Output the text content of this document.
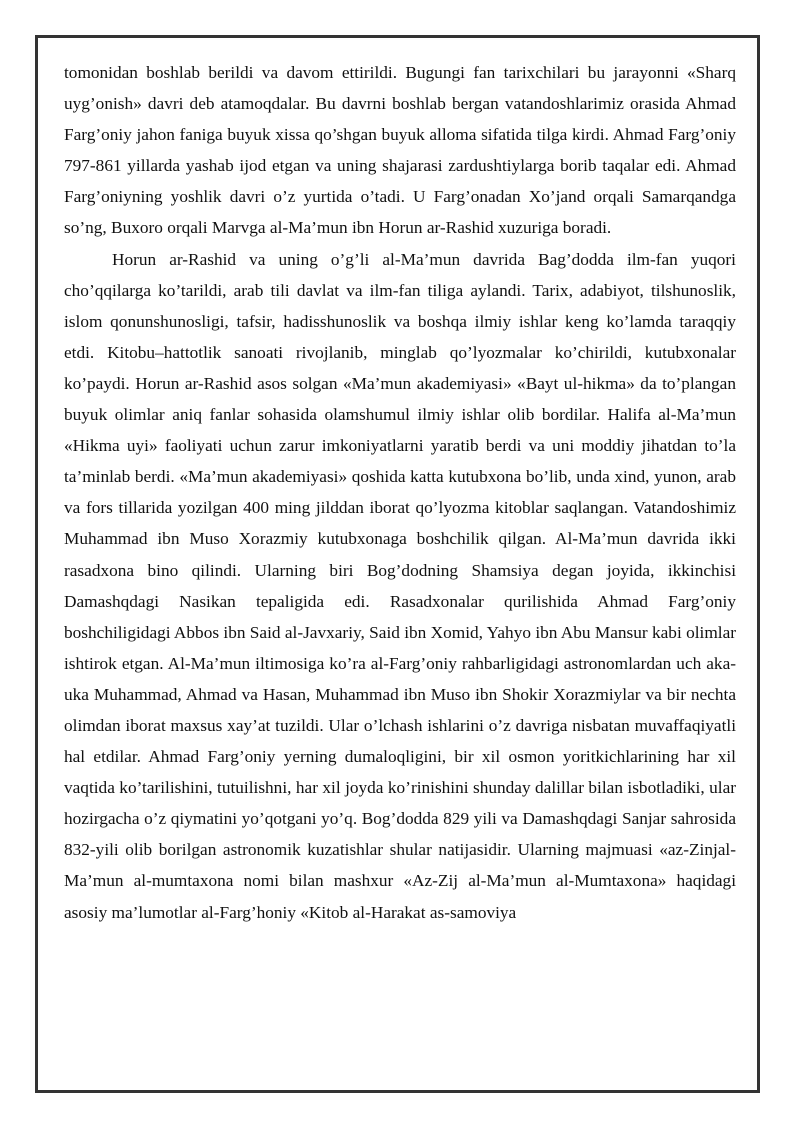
tomonidan boshlab berildi va davom ettirildi. Bugungi fan tarixchilari bu jarayonni «Sharq uyg’onish» davri deb atamoqdalar. Bu davrni boshlab bergan vatandoshlarimiz orasida Ahmad Farg’oniy jahon faniga buyuk xissa qo’shgan buyuk alloma sifatida tilga kirdi. Ahmad Farg’oniy 797-861 yillarda yashab ijod etgan va uning shajarasi zardushtiylarga borib taqalar edi. Ahmad Farg’oniyning yoshlik davri o’z yurtida o’tadi. U Farg’onadan Xo’jand orqali Samarqandga so’ng, Buxoro orqali Marvga al-Ma’mun ibn Horun ar-Rashid xuzuriga boradi.

Horun ar-Rashid va uning o’g’li al-Ma’mun davrida Bag’dodda ilm-fan yuqori cho’qqilarga ko’tarildi, arab tili davlat va ilm-fan tiliga aylandi. Tarix, adabiyot, tilshunoslik, islom qonunshunosligi, tafsir, hadisshunoslik va boshqa ilmiy ishlar keng ko’lamda taraqqiy etdi. Kitobu–hattotlik sanoati rivojlanib, minglab qo’lyozmalar ko’chirildi, kutubxonalar ko’paydi. Horun ar-Rashid asos solgan «Ma’mun akademiyasi» «Bayt ul-hikma» da to’plangan buyuk olimlar aniq fanlar sohasida olamshumul ilmiy ishlar olib bordilar. Halifa al-Ma’mun «Hikma uyi» faoliyati uchun zarur imkoniyatlarni yaratib berdi va uni moddiy jihatdan to’la ta’minlab berdi. «Ma’mun akademiyasi» qoshida katta kutubxona bo’lib, unda xind, yunon, arab va fors tillarida yozilgan 400 ming jilddan iborat qo’lyozma kitoblar saqlangan. Vatandoshimiz Muhammad ibn Muso Xorazmiy kutubxonaga boshchilik qilgan. Al-Ma’mun davrida ikki rasadxona bino qilindi. Ularning biri Bog’dodning Shamsiya degan joyida, ikkinchisi Damashqdagi Nasikan tepaligida edi. Rasadxonalar qurilishida Ahmad Farg’oniy boshchiligidagi Abbos ibn Said al-Javxariy, Said ibn Xomid, Yahyo ibn Abu Mansur kabi olimlar ishtirok etgan. Al-Ma’mun iltimosiga ko’ra al-Farg’oniy rahbarligidagi astronomlardan uch aka-uka Muhammad, Ahmad va Hasan, Muhammad ibn Muso ibn Shokir Xorazmiylar va bir nechta olimdan iborat maxsus xay’at tuzildi. Ular o’lchash ishlarini o’z davriga nisbatan muvaffaqiyatli hal etdilar. Ahmad Farg’oniy yerning dumaloqligini, bir xil osmon yoritkichlarining har xil vaqtida ko’tarilishini, tutuilishni, har xil joyda ko’rinishini shunday dalillar bilan isbotladiki, ular hozirgacha o’z qiymatini yo’qotgani yo’q. Bog’dodda 829 yili va Damashqdagi Sanjar sahrosida 832-yili olib borilgan astronomik kuzatishlar shular natijasidir. Ularning majmuasi «az-Zinjal-Ma’mun al-mumtaxona nomi bilan mashxur «Az-Zij al-Ma’mun al-Mumtaxona» haqidagi asosiy ma’lumotlar al-Farg’honiy «Kitob al-Harakat as-samoviya
